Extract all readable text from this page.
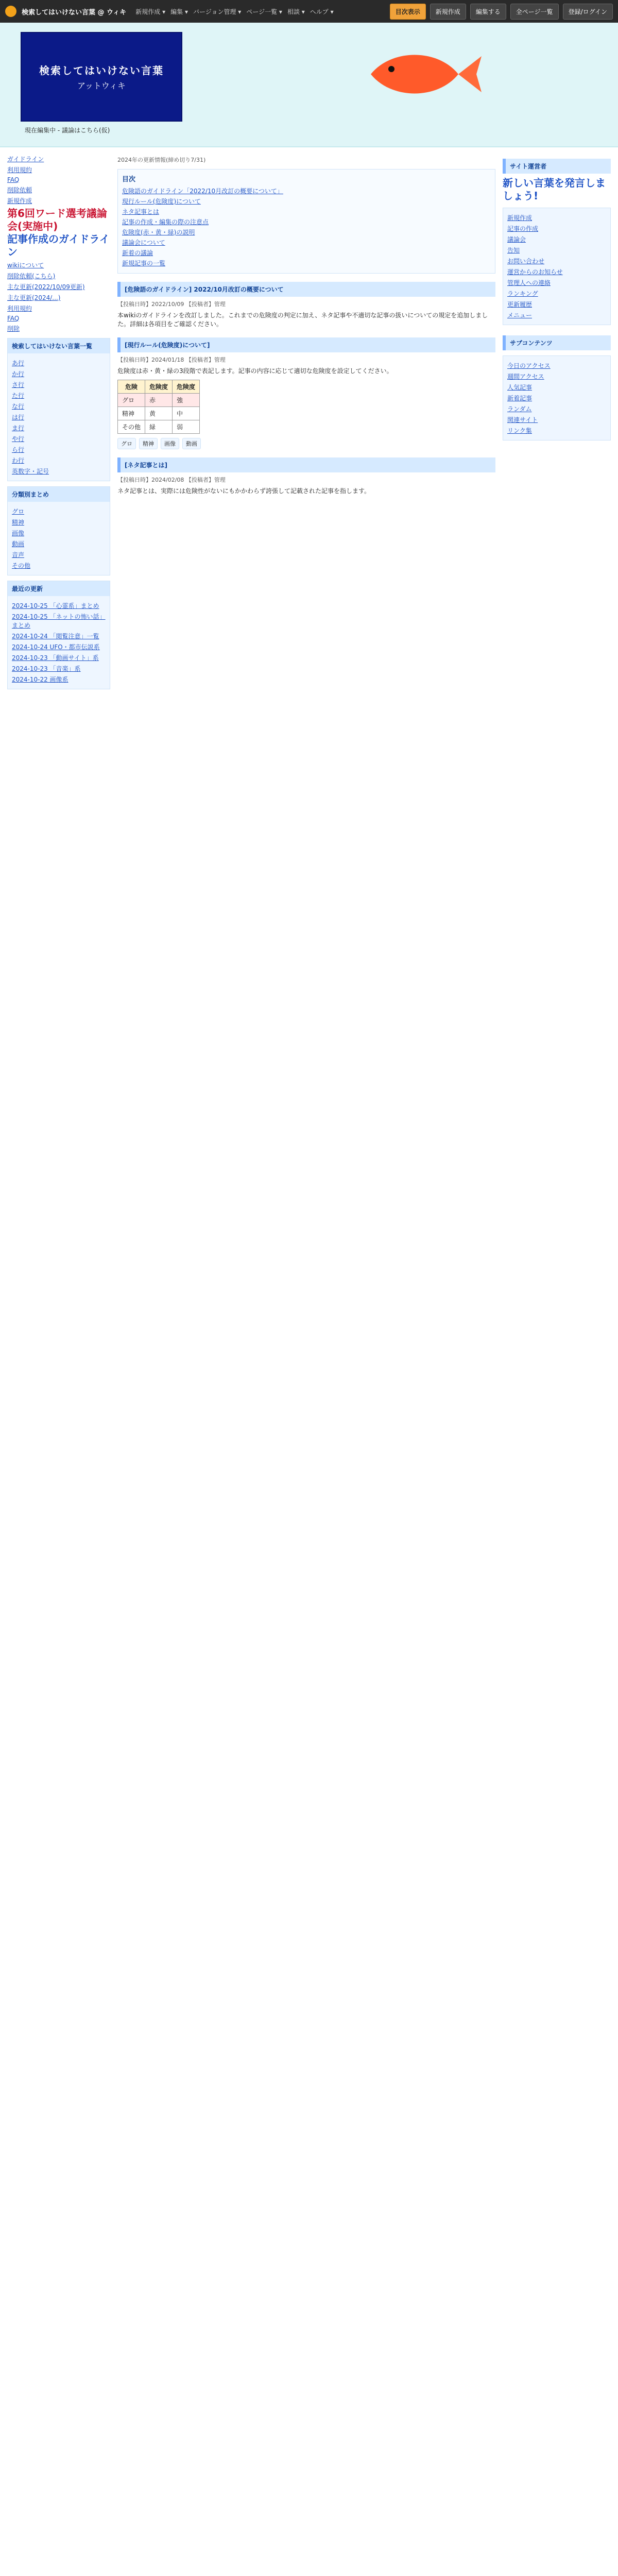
検索してはいけない言葉 @ ウィキ 新規作成 ▾ 編集 ▾ バージョン管理 ▾ ページ一覧 ▾ 相談 ▾ ヘルプ ▾	目次表示	新規作成	編集する	全ページ一覧	登録/ログイン
検索してはいけない言葉
アットウィキ
現在編集中 - 議論はこちら(仮)
ガイドライン
利用規約
FAQ
削除依頼
新規作成
第6回ワード選考議論会(実施中)
記事作成のガイドライン
wikiについて
削除依頼(こちら)
主な更新(2022/10/09更新)
主な更新(2024/...)
利用規約
FAQ
削除
検索してはいけない言葉一覧
あ行
か行
さ行
た行
な行
は行
ま行
や行
ら行
わ行
英数字・記号
分類別まとめ
グロ
精神
画像
動画
音声
その他
最近の更新
2024-10-25 「心霊系」まとめ
2024-10-25 「ネットの怖い話」まとめ
2024-10-24 「閲覧注意」一覧
2024-10-24 UFO・都市伝説系
2024-10-23 「動画サイト」系
2024-10-23 「音楽」系
2024-10-22 画像系
2024年の更新情報(締め切り7/31)
目次
危険語のガイドライン「2022/10月改訂の概要について」
現行ルール(危険度)について
ネタ記事とは
記事の作成・編集の際の注意点
危険度(赤・黄・緑)の説明
議論会について
新着の議論
新規記事の一覧
[危険語のガイドライン] 2022/10月改訂の概要について
【投稿日時】2022/10/09 【投稿者】管理
本wikiのガイドラインを改訂しました。これまでの危険度の判定に加え、ネタ記事や不適切な記事の扱いについての規定を追加しました。詳細は各項目をご確認ください。
[現行ルール(危険度)について]
【投稿日時】2024/01/18 【投稿者】管理
危険度は赤・黄・緑の3段階で表記します。記事の内容に応じて適切な危険度を設定してください。
危険	危険度	危険度
グロ	赤	強
精神	黄	中
その他	緑	弱
グロ	精神	画像	動画
[ネタ記事とは]
【投稿日時】2024/02/08 【投稿者】管理
ネタ記事とは、実際には危険性がないにもかかわらず誇張して記載された記事を指します。
サイト運営者
新しい言葉を発言しましょう!
新規作成
記事の作成
議論会
告知
お問い合わせ
運営からのお知らせ
管理人への連絡
ランキング
更新履歴
メニュー
サブコンテンツ
今日のアクセス
週間アクセス
人気記事
新着記事
ランダム
関連サイト
リンク集
